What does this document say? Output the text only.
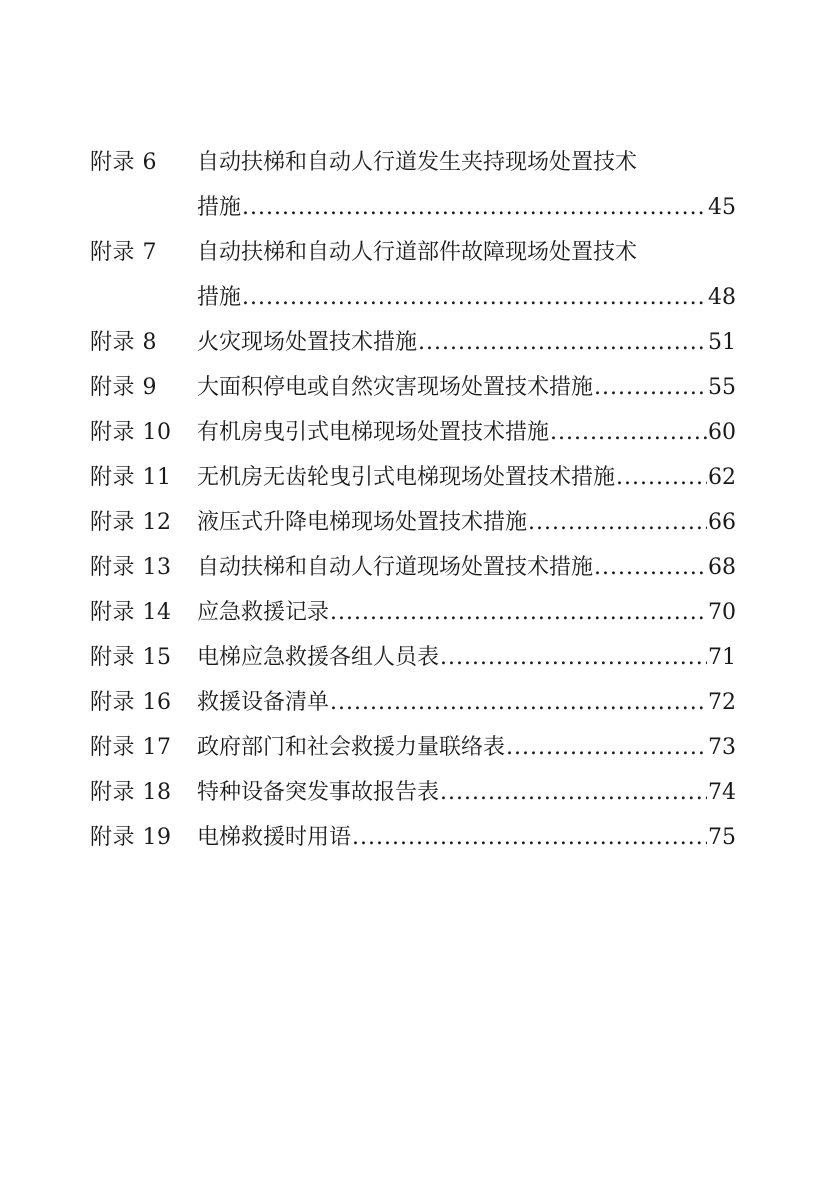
附录 6 自动扶梯和自动人行道发生夹持现场处置技术
措施 .....	45
附录 7 自动扶梯和自动人行道部件故障现场处置技术
措施 .....	48
附录 8 火灾现场处置技术措施 .....	51
附录 9 大面积停电或自然灾害现场处置技术措施 .....	55
附录 10 有机房曳引式电梯现场处置技术措施 .....	60
附录 11 无机房无齿轮曳引式电梯现场处置技术措施 .....	62
附录 12 液压式升降电梯现场处置技术措施 .....	66
附录 13 自动扶梯和自动人行道现场处置技术措施 .....	68
附录 14 应急救援记录 .....	70
附录 15 电梯应急救援各组人员表 .....	71
附录 16 救援设备清单 .....	72
附录 17 政府部门和社会救援力量联络表 .....	73
附录 18 特种设备突发事故报告表 .....	74
附录 19 电梯救援时用语 .....	75
